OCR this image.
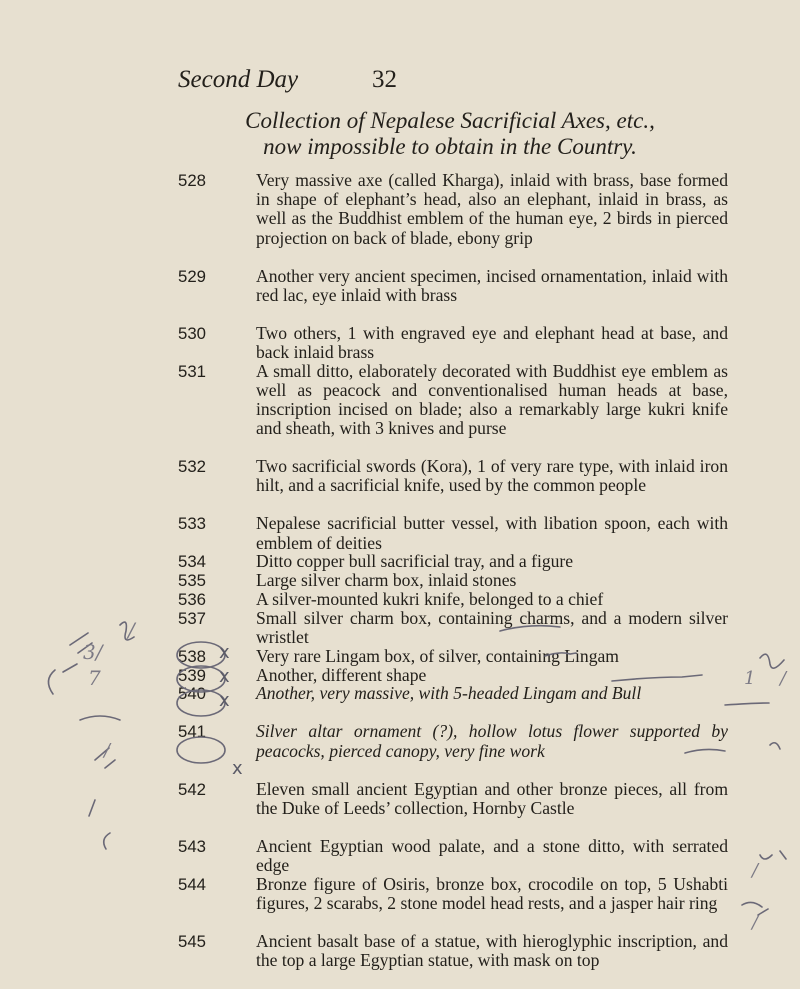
Second Day	32
Collection of Nepalese Sacrificial Axes, etc.,
now impossible to obtain in the Country.
528	Very massive axe (called Kharga), inlaid with brass, base formed in shape of elephant’s head, also an elephant, inlaid in brass, as well as the Buddhist emblem of the human eye, 2 birds in pierced projection on back of blade, ebony grip
529	Another very ancient specimen, incised ornamentation, inlaid with red lac, eye inlaid with brass
530	Two others, 1 with engraved eye and elephant head at base, and back inlaid brass
531	A small ditto, elaborately decorated with Buddhist eye emblem as well as peacock and conventionalised human heads at base, inscription incised on blade; also a remarkably large kukri knife and sheath, with 3 knives and purse
532	Two sacrificial swords (Kora), 1 of very rare type, with inlaid iron hilt, and a sacrificial knife, used by the common people
533	Nepalese sacrificial butter vessel, with libation spoon, each with emblem of deities
534	Ditto copper bull sacrificial tray, and a figure
535	Large silver charm box, inlaid stones
536	A silver-mounted kukri knife, belonged to a chief
537	Small silver charm box, containing charms, and a modern silver wristlet
538	Very rare Lingam box, of silver, containing Lingam
539	Another, different shape
540	Another, very massive, with 5-headed Lingam and Bull
541	Silver altar ornament (?), hollow lotus flower supported by peacocks, pierced canopy, very fine work
542	Eleven small ancient Egyptian and other bronze pieces, all from the Duke of Leeds’ collection, Hornby Castle
543	Ancient Egyptian wood palate, and a stone ditto, with serrated edge
544	Bronze figure of Osiris, bronze box, crocodile on top, 5 Ushabti figures, 2 scarabs, 2 stone model head rests, and a jasper hair ring
545	Ancient basalt base of a statue, with hieroglyphic inscription, and the top a large Egyptian statue, with mask on top
x
x
x
x
3/
/
7	1 /
/
/
/
